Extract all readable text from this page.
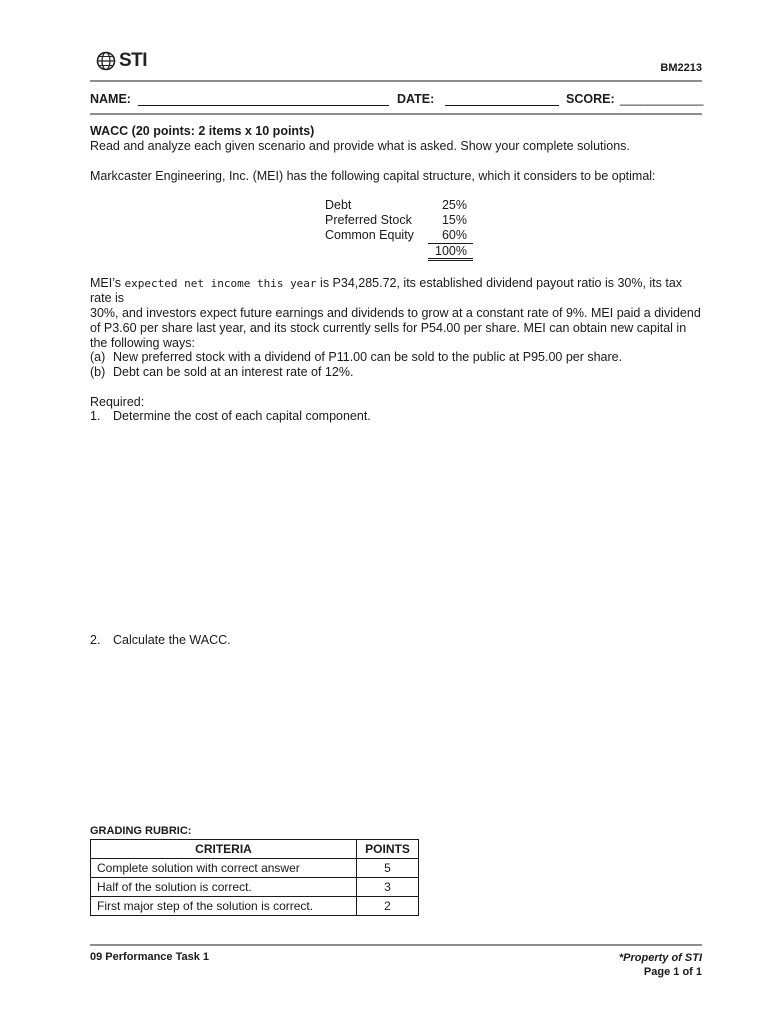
STI	BM2213
NAME:	DATE:	SCORE: ____________
WACC (20 points: 2 items x 10 points)
Read and analyze each given scenario and provide what is asked. Show your complete solutions.
Markcaster Engineering, Inc. (MEI) has the following capital structure, which it considers to be optimal:
Debt	25%
Preferred Stock	15%
Common Equity	60%
100%
MEI’s expected net income this year is P34,285.72, its established dividend payout ratio is 30%, its tax rate is
30%, and investors expect future earnings and dividends to grow at a constant rate of 9%. MEI paid a dividend
of P3.60 per share last year, and its stock currently sells for P54.00 per share. MEI can obtain new capital in
the following ways:
(a) New preferred stock with a dividend of P11.00 can be sold to the public at P95.00 per share.
(b) Debt can be sold at an interest rate of 12%.
Required:
1. Determine the cost of each capital component.
2. Calculate the WACC.
GRADING RUBRIC:
CRITERIA	POINTS
Complete solution with correct answer	5
Half of the solution is correct.	3
First major step of the solution is correct.	2
09 Performance Task 1	*Property of STI
Page 1 of 1
